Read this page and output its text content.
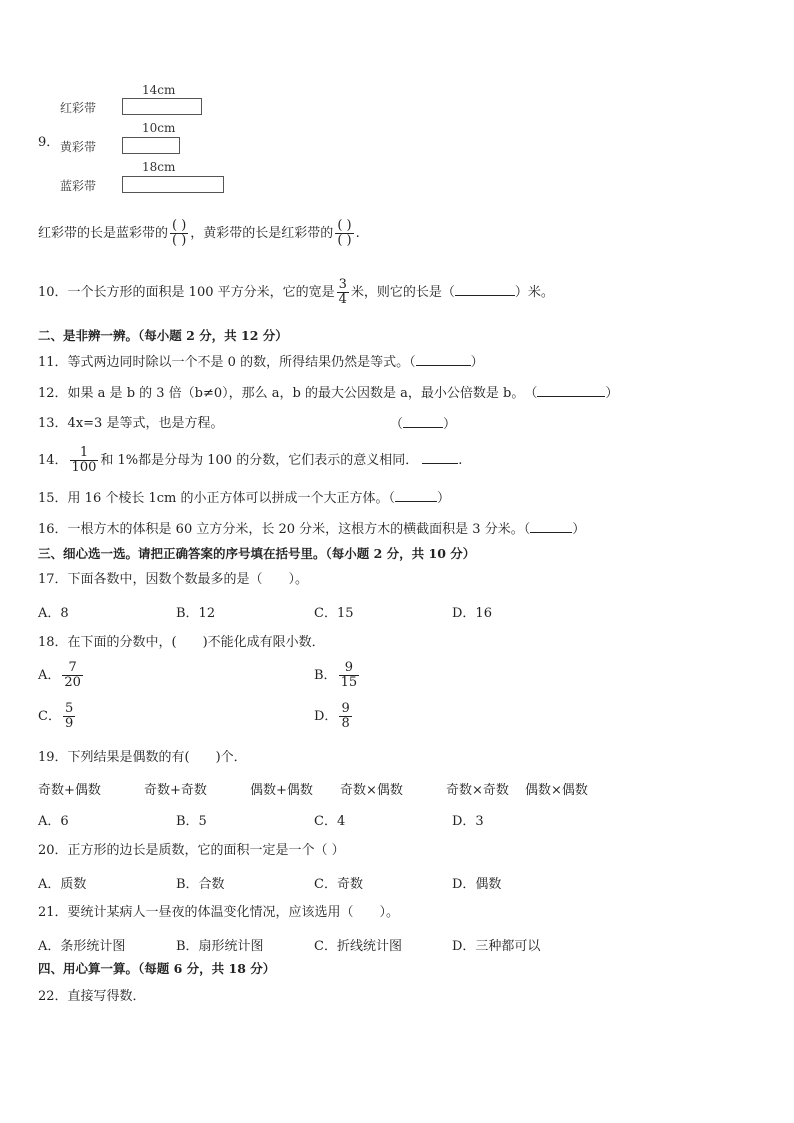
14cm
红彩带
9．
10cm
黄彩带
18cm
蓝彩带
红彩带的长是蓝彩带的 $\frac{( )}{( )}$ ，黄彩带的长是红彩带的 $\frac{( )}{( )}$ .
10．一个长方形的面积是 100 平方分米，它的宽是 $\frac{3}{4}$ 米，则它的长是（	）米。
二、是非辨一辨。（每小题 2 分，共 12 分）
11．等式两边同时除以一个不是 0 的数，所得结果仍然是等式。（	）
12．如果 a 是 b 的 3 倍（b≠0），那么 a，b 的最大公因数是 a，最小公倍数是 b。　（	）
13．4x=3 是等式，也是方程。	（	）
14． $\frac{1}{100}$ 和 1%都是分母为 100 的分数，它们表示的意义相同．	.
15．用 16 个棱长 1cm 的小正方体可以拼成一个大正方体。（	）
16．一根方木的体积是 60 立方分米，长 20 分米，这根方木的横截面积是 3 分米。（	）
三、细心选一选。请把正确答案的序号填在括号里。（每小题 2 分，共 10 分）
17．下面各数中，因数个数最多的是（　　）。
A．8	B．12	C．15	D．16
18．在下面的分数中，(　　)不能化成有限小数．
A． $\frac{7}{20}$	B． $\frac{9}{15}$
C． $\frac{5}{9}$	D． $\frac{9}{8}$
19．下列结果是偶数的有(　　)个．
奇数+偶数	奇数+奇数	偶数+偶数 奇数×偶数	奇数×奇数 偶数×偶数
A．6	B．5	C．4	D．3
20．正方形的边长是质数，它的面积一定是一个（ ）
A．质数	B．合数	C．奇数	D．偶数
21．要统计某病人一昼夜的体温变化情况，应该选用（　　）。
A．条形统计图	B．扇形统计图	C．折线统计图	D．三种都可以
四、用心算一算。（每题 6 分，共 18 分）
22．直接写得数．
